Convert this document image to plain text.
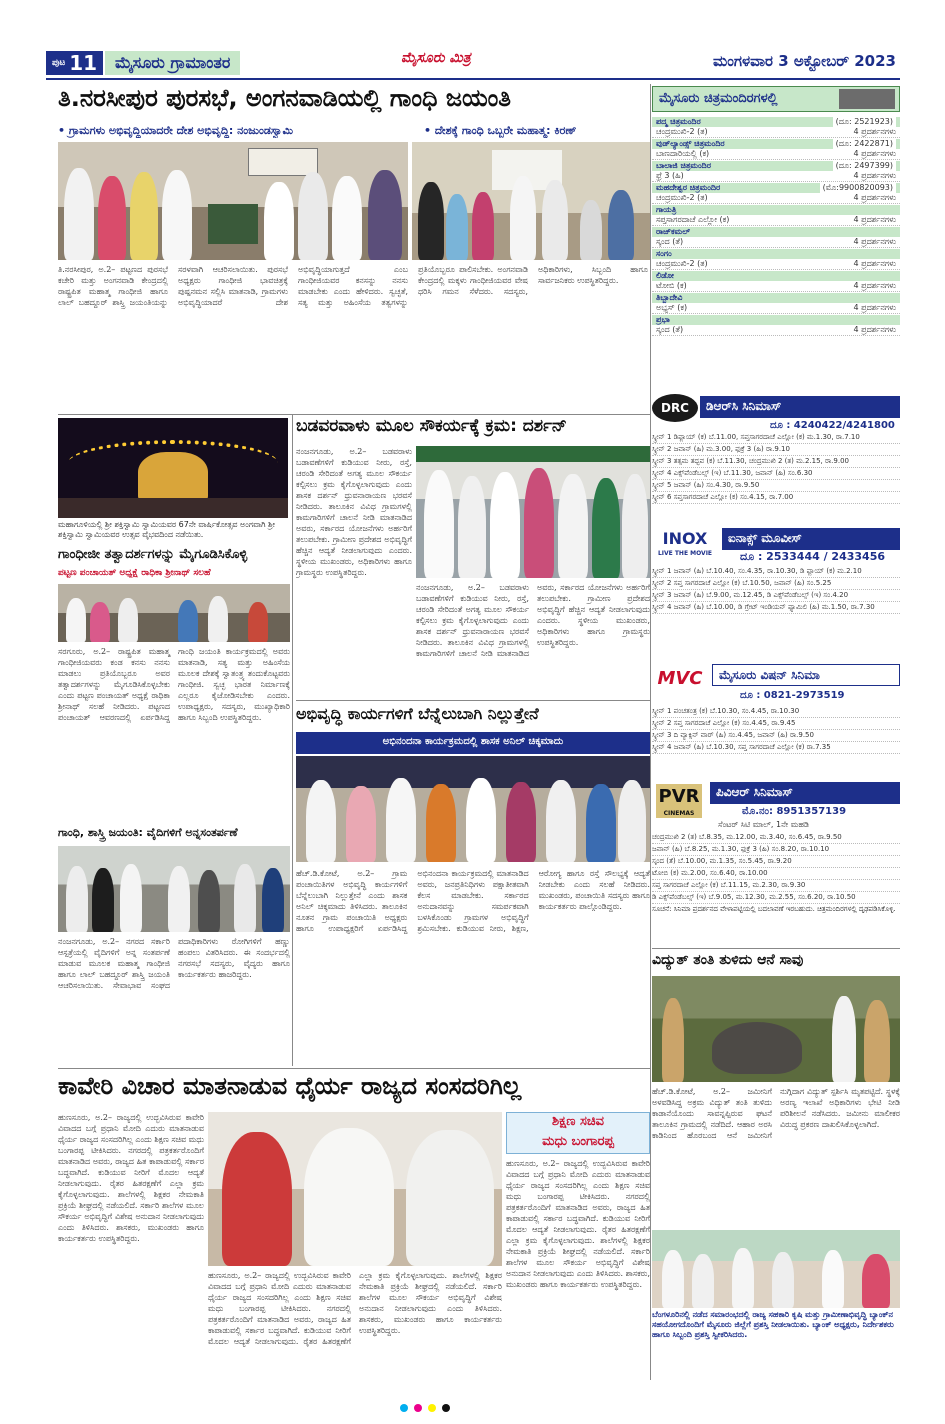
ಪುಟ 11	ಮೈಸೂರು ಗ್ರಾಮಾಂತರ	ಮೈಸೂರು ಮಿತ್ರ	ಮಂಗಳವಾರ 3 ಅಕ್ಟೋಬರ್ 2023
ತಿ.ನರಸೀಪುರ ಪುರಸಭೆ, ಅಂಗನವಾಡಿಯಲ್ಲಿ ಗಾಂಧಿ ಜಯಂತಿ
• ಗ್ರಾಮಗಳು ಅಭಿವೃದ್ಧಿಯಾದರೇ ದೇಶ ಅಭಿವೃದ್ಧಿ: ನಂಜುಂಡಸ್ವಾಮಿ	• ದೇಶಕ್ಕೆ ಗಾಂಧಿ ಒಬ್ಬರೇ ಮಹಾತ್ಮ: ಕಿರಣ್
ತಿ.ನರಸೀಪುರ, ಅ.2– ಪಟ್ಟಣದ ಪುರಸಭೆ ಕಚೇರಿ ಮತ್ತು ಅಂಗನವಾಡಿ ಕೇಂದ್ರದಲ್ಲಿ ರಾಷ್ಟ್ರಪಿತ ಮಹಾತ್ಮ ಗಾಂಧೀಜಿ ಹಾಗೂ ಲಾಲ್ ಬಹದ್ದೂರ್ ಶಾಸ್ತ್ರಿ ಜಯಂತಿಯನ್ನು ಸರಳವಾಗಿ ಆಚರಿಸಲಾಯಿತು. ಪುರಸಭೆ ಅಧ್ಯಕ್ಷರು ಗಾಂಧೀಜಿ ಭಾವಚಿತ್ರಕ್ಕೆ ಪುಷ್ಪನಮನ ಸಲ್ಲಿಸಿ ಮಾತನಾಡಿ, ಗ್ರಾಮಗಳು ಅಭಿವೃದ್ಧಿಯಾದರೆ ದೇಶ ಅಭಿವೃದ್ಧಿಯಾಗುತ್ತದೆ ಎಂಬ ಗಾಂಧೀಜಿಯವರ ಕನಸನ್ನು ನನಸು ಮಾಡಬೇಕು ಎಂದು ಹೇಳಿದರು. ಸ್ವಚ್ಛತೆ, ಸತ್ಯ ಮತ್ತು ಅಹಿಂಸೆಯ ತತ್ವಗಳನ್ನು ಪ್ರತಿಯೊಬ್ಬರೂ ಪಾಲಿಸಬೇಕು. ಅಂಗನವಾಡಿ ಕೇಂದ್ರದಲ್ಲಿ ಮಕ್ಕಳು ಗಾಂಧೀಜಿಯವರ ವೇಷ ಧರಿಸಿ ಗಮನ ಸೆಳೆದರು. ಸದಸ್ಯರು, ಅಧಿಕಾರಿಗಳು, ಸಿಬ್ಬಂದಿ ಹಾಗೂ ಸಾರ್ವಜನಿಕರು ಉಪಸ್ಥಿತರಿದ್ದರು.
ಮಹಾಗೂಳಿಯಲ್ಲಿ ಶ್ರೀ ಶಕ್ತಿಸ್ವಾಮಿ ಸ್ವಾಮಿಯವರ 67ನೇ ವಾರ್ಷಿಕೋತ್ಸವ ಅಂಗವಾಗಿ ಶ್ರೀ ಶಕ್ತಿಸ್ವಾಮಿ ಸ್ವಾಮಿಯವರ ಉತ್ಸವ ವೈಭವದಿಂದ ನಡೆಯಿತು.
ಗಾಂಧೀಜೀ ತತ್ವಾದರ್ಶಗಳನ್ನು ಮೈಗೂಡಿಸಿಕೊಳ್ಳಿ
ಪಟ್ಟಣ ಪಂಚಾಯತ್ ಅಧ್ಯಕ್ಷೆ ರಾಧಿಕಾ ಶ್ರೀನಾಥ್ ಸಲಹೆ
ಸರಗೂರು, ಅ.2– ರಾಷ್ಟ್ರಪಿತ ಮಹಾತ್ಮ ಗಾಂಧೀಜಿಯವರು ಕಂಡ ಕನಸು ನನಸು ಮಾಡಲು ಪ್ರತಿಯೊಬ್ಬರೂ ಅವರ ತತ್ವಾದರ್ಶಗಳನ್ನು ಮೈಗೂಡಿಸಿಕೊಳ್ಳಬೇಕು ಎಂದು ಪಟ್ಟಣ ಪಂಚಾಯತ್ ಅಧ್ಯಕ್ಷೆ ರಾಧಿಕಾ ಶ್ರೀನಾಥ್ ಸಲಹೆ ನೀಡಿದರು. ಪಟ್ಟಣದ ಪಂಚಾಯತ್ ಆವರಣದಲ್ಲಿ ಏರ್ಪಡಿಸಿದ್ದ ಗಾಂಧಿ ಜಯಂತಿ ಕಾರ್ಯಕ್ರಮದಲ್ಲಿ ಅವರು ಮಾತನಾಡಿ, ಸತ್ಯ ಮತ್ತು ಅಹಿಂಸೆಯ ಮೂಲಕ ದೇಶಕ್ಕೆ ಸ್ವಾತಂತ್ರ್ಯ ತಂದುಕೊಟ್ಟವರು ಗಾಂಧೀಜಿ. ಸ್ವಚ್ಛ ಭಾರತ ನಿರ್ಮಾಣಕ್ಕೆ ಎಲ್ಲರೂ ಕೈಜೋಡಿಸಬೇಕು ಎಂದರು. ಉಪಾಧ್ಯಕ್ಷರು, ಸದಸ್ಯರು, ಮುಖ್ಯಾಧಿಕಾರಿ ಹಾಗೂ ಸಿಬ್ಬಂದಿ ಉಪಸ್ಥಿತರಿದ್ದರು.
ಗಾಂಧಿ, ಶಾಸ್ತ್ರಿ ಜಯಂತಿ: ವೈದಿಗಳಿಗೆ ಅನ್ನಸಂತರ್ಪಣೆ
ನಂಜನಗೂಡು, ಅ.2– ನಗರದ ಸರ್ಕಾರಿ ಆಸ್ಪತ್ರೆಯಲ್ಲಿ ವೈದಿಗಳಿಗೆ ಅನ್ನ ಸಂತರ್ಪಣೆ ಮಾಡುವ ಮೂಲಕ ಮಹಾತ್ಮ ಗಾಂಧೀಜಿ ಹಾಗೂ ಲಾಲ್ ಬಹದ್ದೂರ್ ಶಾಸ್ತ್ರಿ ಜಯಂತಿ ಆಚರಿಸಲಾಯಿತು. ಸೇವಾಭಾವ ಸಂಘದ ಪದಾಧಿಕಾರಿಗಳು ರೋಗಿಗಳಿಗೆ ಹಣ್ಣು ಹಂಪಲು ವಿತರಿಸಿದರು. ಈ ಸಂದರ್ಭದಲ್ಲಿ ನಗರಸಭೆ ಸದಸ್ಯರು, ವೈದ್ಯರು ಹಾಗೂ ಕಾರ್ಯಕರ್ತರು ಹಾಜರಿದ್ದರು.
ಬಡವರವಾಳು ಮೂಲ ಸೌಕರ್ಯಕ್ಕೆ ಕ್ರಮ: ದರ್ಶನ್
ನಂಜನಗೂಡು, ಅ.2– ಬಡವರಾಳು ಬಡಾವಣೆಗಳಿಗೆ ಕುಡಿಯುವ ನೀರು, ರಸ್ತೆ, ಚರಂಡಿ ಸೇರಿದಂತೆ ಅಗತ್ಯ ಮೂಲ ಸೌಕರ್ಯ ಕಲ್ಪಿಸಲು ಕ್ರಮ ಕೈಗೊಳ್ಳಲಾಗುವುದು ಎಂದು ಶಾಸಕ ದರ್ಶನ್ ಧ್ರುವನಾರಾಯಣ ಭರವಸೆ ನೀಡಿದರು. ತಾಲೂಕಿನ ವಿವಿಧ ಗ್ರಾಮಗಳಲ್ಲಿ ಕಾಮಗಾರಿಗಳಿಗೆ ಚಾಲನೆ ನೀಡಿ ಮಾತನಾಡಿದ ಅವರು, ಸರ್ಕಾರದ ಯೋಜನೆಗಳು ಅರ್ಹರಿಗೆ ತಲುಪಬೇಕು. ಗ್ರಾಮೀಣ ಪ್ರದೇಶದ ಅಭಿವೃದ್ಧಿಗೆ ಹೆಚ್ಚಿನ ಆದ್ಯತೆ ನೀಡಲಾಗುವುದು ಎಂದರು. ಸ್ಥಳೀಯ ಮುಖಂಡರು, ಅಧಿಕಾರಿಗಳು ಹಾಗೂ ಗ್ರಾಮಸ್ಥರು ಉಪಸ್ಥಿತರಿದ್ದರು.
ನಂಜನಗೂಡು, ಅ.2– ಬಡವರಾಳು ಬಡಾವಣೆಗಳಿಗೆ ಕುಡಿಯುವ ನೀರು, ರಸ್ತೆ, ಚರಂಡಿ ಸೇರಿದಂತೆ ಅಗತ್ಯ ಮೂಲ ಸೌಕರ್ಯ ಕಲ್ಪಿಸಲು ಕ್ರಮ ಕೈಗೊಳ್ಳಲಾಗುವುದು ಎಂದು ಶಾಸಕ ದರ್ಶನ್ ಧ್ರುವನಾರಾಯಣ ಭರವಸೆ ನೀಡಿದರು. ತಾಲೂಕಿನ ವಿವಿಧ ಗ್ರಾಮಗಳಲ್ಲಿ ಕಾಮಗಾರಿಗಳಿಗೆ ಚಾಲನೆ ನೀಡಿ ಮಾತನಾಡಿದ ಅವರು, ಸರ್ಕಾರದ ಯೋಜನೆಗಳು ಅರ್ಹರಿಗೆ ತಲುಪಬೇಕು. ಗ್ರಾಮೀಣ ಪ್ರದೇಶದ ಅಭಿವೃದ್ಧಿಗೆ ಹೆಚ್ಚಿನ ಆದ್ಯತೆ ನೀಡಲಾಗುವುದು ಎಂದರು. ಸ್ಥಳೀಯ ಮುಖಂಡರು, ಅಧಿಕಾರಿಗಳು ಹಾಗೂ ಗ್ರಾಮಸ್ಥರು ಉಪಸ್ಥಿತರಿದ್ದರು.
ಅಭಿವೃದ್ಧಿ ಕಾರ್ಯಗಳಿಗೆ ಬೆನ್ನೆಲುಬಾಗಿ ನಿಲ್ಲುತ್ತೇನೆ
ಅಭಿನಂದನಾ ಕಾರ್ಯಕ್ರಮದಲ್ಲಿ ಶಾಸಕ ಅನಿಲ್ ಚಿಕ್ಕಮಾದು
ಹೆಚ್.ಡಿ.ಕೋಟೆ, ಅ.2– ಗ್ರಾಮ ಪಂಚಾಯಿತಿಗಳ ಅಭಿವೃದ್ಧಿ ಕಾರ್ಯಗಳಿಗೆ ಬೆನ್ನೆಲುಬಾಗಿ ನಿಲ್ಲುತ್ತೇನೆ ಎಂದು ಶಾಸಕ ಅನಿಲ್ ಚಿಕ್ಕಮಾದು ತಿಳಿಸಿದರು. ತಾಲೂಕಿನ ನೂತನ ಗ್ರಾಮ ಪಂಚಾಯಿತಿ ಅಧ್ಯಕ್ಷರು ಹಾಗೂ ಉಪಾಧ್ಯಕ್ಷರಿಗೆ ಏರ್ಪಡಿಸಿದ್ದ ಅಭಿನಂದನಾ ಕಾರ್ಯಕ್ರಮದಲ್ಲಿ ಮಾತನಾಡಿದ ಅವರು, ಜನಪ್ರತಿನಿಧಿಗಳು ಪಕ್ಷಾತೀತವಾಗಿ ಕೆಲಸ ಮಾಡಬೇಕು. ಸರ್ಕಾರದ ಅನುದಾನವನ್ನು ಸಮರ್ಪಕವಾಗಿ ಬಳಸಿಕೊಂಡು ಗ್ರಾಮಗಳ ಅಭಿವೃದ್ಧಿಗೆ ಶ್ರಮಿಸಬೇಕು. ಕುಡಿಯುವ ನೀರು, ಶಿಕ್ಷಣ, ಆರೋಗ್ಯ ಹಾಗೂ ರಸ್ತೆ ಸೌಲಭ್ಯಕ್ಕೆ ಆದ್ಯತೆ ನೀಡಬೇಕು ಎಂದು ಸಲಹೆ ನೀಡಿದರು. ಮುಖಂಡರು, ಪಂಚಾಯಿತಿ ಸದಸ್ಯರು ಹಾಗೂ ಕಾರ್ಯಕರ್ತರು ಪಾಲ್ಗೊಂಡಿದ್ದರು.
ಮೈಸೂರು ಚಿತ್ರಮಂದಿರಗಳಲ್ಲಿ
ಪದ್ಮ ಚಿತ್ರಮಂದಿರ	(ದೂ: 2521923)
ಚಂದ್ರಮುಖಿ-2 (ತ)	4 ಪ್ರದರ್ಶನಗಳು
ವುಡ್‌ಲ್ಯಾಂಡ್ಸ್ ಚಿತ್ರಮಂದಿರ	(ದೂ: 2422871)
ಬಾಣದಾರಿಯಲ್ಲಿ (ಕ)	4 ಪ್ರದರ್ಶನಗಳು
ಬಾಲಾಜಿ ಚಿತ್ರಮಂದಿರ	(ದೂ: 2497399)
ಫ್ರೆ 3 (ಹಿ)	4 ಪ್ರದರ್ಶನಗಳು
ಮಹದೇಶ್ವರ ಚಿತ್ರಮಂದಿರ	(ಮೊ:9900820093)
ಚಂದ್ರಮುಖಿ-2 (ತ)	4 ಪ್ರದರ್ಶನಗಳು
ಗಾಯತ್ರಿ
ಸಪ್ತಸಾಗರದಾಚೆ ಎಲ್ಲೋ (ಕ)	4 ಪ್ರದರ್ಶನಗಳು
ರಾಜ್‌ಕಮಲ್
ಸ್ಕಂದ (ತೆ)	4 ಪ್ರದರ್ಶನಗಳು
ಸಂಗಂ
ಚಂದ್ರಮುಖಿ-2 (ತ)	4 ಪ್ರದರ್ಶನಗಳು
ಲಿಡೋ
ಟೋಬಿ (ಕ)	4 ಪ್ರದರ್ಶನಗಳು
ತಿಬ್ಬಾದೇವಿ
ಅಭ್ಯಸ್ (ಕ)	4 ಪ್ರದರ್ಶನಗಳು
ಪ್ರಭಾ
ಸ್ಕಂದ (ತೆ)	4 ಪ್ರದರ್ಶನಗಳು
DRC	ಡಿಆರ್‌ಸಿ ಸಿನಿಮಾಸ್
ದೂ : 4240422/4241800
ಸ್ಕ್ರೀನ್ 1 ಡಿಫ್ಲಾಯ್ (ಕ) ಬೆ.11.00, ಸಪ್ತಸಾಗರದಾಚೆ ಎಲ್ಲೋ (ಕ) ಮ.1.30, ರಾ.7.10
ಸ್ಕ್ರೀನ್ 2 ಜವಾನ್ (ಹಿ) ಮ.3.00, ಫುಕ್ರೆ 3 (ಹಿ) ರಾ.9.10
ಸ್ಕ್ರೀನ್ 3 ತತ್ಸಮ ತದ್ಭವ (ಕ) ಬೆ.11.30, ಚಂದ್ರಮುಖಿ 2 (ತ) ಮ.2.15, ರಾ.9.00
ಸ್ಕ್ರೀನ್ 4 ಎಕ್ಸ್‌ಪೆಂಡೆಬಲ್ಸ್ (ಇ) ಬೆ.11.30, ಜವಾನ್ (ಹಿ) ಸಂ.6.30
ಸ್ಕ್ರೀನ್ 5 ಜವಾನ್ (ಹಿ) ಸಂ.4.30, ರಾ.9.50
ಸ್ಕ್ರೀನ್ 6 ಸಪ್ತಸಾಗರದಾಚೆ ಎಲ್ಲೋ (ಕ) ಸಂ.4.15, ರಾ.7.00
INOX
LIVE THE MOVIE
ಐನಾಕ್ಸ್ ಮೂವೀಸ್
ದೂ : 2533444 / 2433456
ಸ್ಕ್ರೀನ್ 1 ಜವಾನ್ (ಹಿ) ಬೆ.10.40, ಸಂ.4.35, ರಾ.10.30, ಡಿ ಫ್ಲಾಯ್ (ಕ) ಮ.2.10
ಸ್ಕ್ರೀನ್ 2 ಸಪ್ತ ಸಾಗರದಾಚೆ ಎಲ್ಲೋ (ಕ) ಬೆ.10.50, ಜವಾನ್ (ಹಿ) ಸಂ.5.25
ಸ್ಕ್ರೀನ್ 3 ಜವಾನ್ (ಹಿ) ಬೆ.9.00, ಮ.12.45, ಡಿ ಎಕ್ಸ್‌ಪೆಂಡೆಬಲ್ಸ್ (ಇ) ಸಂ.4.20
ಸ್ಕ್ರೀನ್ 4 ಜವಾನ್ (ಹಿ) ಬೆ.10.00, ಡಿ ಗ್ರೇಟ್ ಇಂಡಿಯನ್ ಫ್ಯಾಮಿಲಿ (ಹಿ) ಮ.1.50, ರಾ.7.30
MVC	ಮೈಸೂರು ವಿಷನ್ ಸಿನಿಮಾ
ದೂ : 0821-2973519
ಸ್ಕ್ರೀನ್ 1 ಪಂಚತಂತ್ರ (ಕ) ಬೆ.10.30, ಸಂ.4.45, ರಾ.10.30
ಸ್ಕ್ರೀನ್ 2 ಸಪ್ತ ಸಾಗರದಾಚೆ ಎಲ್ಲೋ (ಕ) ಸಂ.4.45, ರಾ.9.45
ಸ್ಕ್ರೀನ್ 3 ದಿ ವ್ಯಾಕ್ಸಿನ್ ವಾರ್ (ಹಿ) ಸಂ.4.45, ಜವಾನ್ (ಹಿ) ರಾ.9.50
ಸ್ಕ್ರೀನ್ 4 ಜವಾನ್ (ಹಿ) ಬೆ.10.30, ಸಪ್ತ ಸಾಗರದಾಚೆ ಎಲ್ಲೋ (ಕ) ರಾ.7.35
PVR
CINEMAS
ಪಿವಿಆರ್ ಸಿನಿಮಾಸ್
ಮೊ.ನಂ: 8951357139
ಸೆಂಟರ್ ಸಿಟಿ ಮಾಲ್, 1ನೇ ಮಹಡಿ
ಚಂದ್ರಮುಖಿ 2 (ತ) ಬೆ.8.35, ಮ.12.00, ಮ.3.40, ಸಂ.6.45, ರಾ.9.50
ಜವಾನ್ (ಹಿ) ಬೆ.8.25, ಮ.1.30, ಫುಕ್ರೆ 3 (ಹಿ) ಸಂ.8.20, ರಾ.10.10
ಸ್ಕಂದ (ತೆ) ಬೆ.10.00, ಮ.1.35, ಸಂ.5.45, ರಾ.9.20
ಟೋಬಿ (ಕ) ಮ.2.00, ಸಂ.6.40, ರಾ.10.00
ಸಪ್ತ ಸಾಗರದಾಚೆ ಎಲ್ಲೋ (ಕ) ಬೆ.11.15, ಮ.2.30, ರಾ.9.30
ಡಿ ಎಕ್ಸ್‌ಪೆಂಡೆಬಲ್ಸ್ (ಇ) ಬೆ.9.05, ಮ.12.30, ಮ.2.55, ಸಂ.6.20, ರಾ.10.50
ಸೂಚನೆ: ಸಿನಿಮಾ ಪ್ರದರ್ಶನದ ವೇಳಾಪಟ್ಟಿಯಲ್ಲಿ ಬದಲಾವಣೆ ಇರಬಹುದು. ಚಿತ್ರಮಂದಿರಗಳಲ್ಲಿ ದೃಢಪಡಿಸಿಕೊಳ್ಳಿ.
ವಿದ್ಯುತ್ ತಂತಿ ತುಳಿದು ಆನೆ ಸಾವು
ಹೆಚ್.ಡಿ.ಕೋಟೆ, ಅ.2– ಜಮೀನಿಗೆ ಅಳವಡಿಸಿದ್ದ ಅಕ್ರಮ ವಿದ್ಯುತ್ ತಂತಿ ತುಳಿದು ಕಾಡಾನೆಯೊಂದು ಸಾವನ್ನಪ್ಪಿರುವ ಘಟನೆ ತಾಲೂಕಿನ ಗ್ರಾಮದಲ್ಲಿ ನಡೆದಿದೆ. ಆಹಾರ ಅರಸಿ ಕಾಡಿನಿಂದ ಹೊರಬಂದ ಆನೆ ಜಮೀನಿಗೆ ನುಗ್ಗಿದಾಗ ವಿದ್ಯುತ್ ಸ್ಪರ್ಶಿಸಿ ಮೃತಪಟ್ಟಿದೆ. ಸ್ಥಳಕ್ಕೆ ಅರಣ್ಯ ಇಲಾಖೆ ಅಧಿಕಾರಿಗಳು ಭೇಟಿ ನೀಡಿ ಪರಿಶೀಲನೆ ನಡೆಸಿದರು. ಜಮೀನು ಮಾಲೀಕರ ವಿರುದ್ಧ ಪ್ರಕರಣ ದಾಖಲಿಸಿಕೊಳ್ಳಲಾಗಿದೆ.
ಬೆಂಗಳೂರಿನಲ್ಲಿ ನಡೆದ ಸಮಾರಂಭದಲ್ಲಿ ರಾಜ್ಯ ಸಹಕಾರಿ ಕೃಷಿ ಮತ್ತು ಗ್ರಾಮೀಣಾಭಿವೃದ್ಧಿ ಬ್ಯಾಂಕ್‌ನ ಸಹಯೋಗದೊಂದಿಗೆ ಮೈಸೂರು ಜಿಲ್ಲೆಗೆ ಪ್ರಶಸ್ತಿ ನೀಡಲಾಯಿತು. ಬ್ಯಾಂಕ್ ಅಧ್ಯಕ್ಷರು, ನಿರ್ದೇಶಕರು ಹಾಗೂ ಸಿಬ್ಬಂದಿ ಪ್ರಶಸ್ತಿ ಸ್ವೀಕರಿಸಿದರು.
ಕಾವೇರಿ ವಿಚಾರ ಮಾತನಾಡುವ ಧೈರ್ಯ ರಾಜ್ಯದ ಸಂಸದರಿಗಿಲ್ಲ
ಹುಣಸೂರು, ಅ.2– ರಾಜ್ಯದಲ್ಲಿ ಉದ್ಭವಿಸಿರುವ ಕಾವೇರಿ ವಿವಾದದ ಬಗ್ಗೆ ಪ್ರಧಾನಿ ಮೋದಿ ಎದುರು ಮಾತನಾಡುವ ಧೈರ್ಯ ರಾಜ್ಯದ ಸಂಸದರಿಗಿಲ್ಲ ಎಂದು ಶಿಕ್ಷಣ ಸಚಿವ ಮಧು ಬಂಗಾರಪ್ಪ ಟೀಕಿಸಿದರು. ನಗರದಲ್ಲಿ ಪತ್ರಕರ್ತರೊಂದಿಗೆ ಮಾತನಾಡಿದ ಅವರು, ರಾಜ್ಯದ ಹಿತ ಕಾಪಾಡುವಲ್ಲಿ ಸರ್ಕಾರ ಬದ್ಧವಾಗಿದೆ. ಕುಡಿಯುವ ನೀರಿಗೆ ಮೊದಲ ಆದ್ಯತೆ ನೀಡಲಾಗುವುದು. ರೈತರ ಹಿತರಕ್ಷಣೆಗೆ ಎಲ್ಲಾ ಕ್ರಮ ಕೈಗೊಳ್ಳಲಾಗುವುದು. ಶಾಲೆಗಳಲ್ಲಿ ಶಿಕ್ಷಕರ ನೇಮಕಾತಿ ಪ್ರಕ್ರಿಯೆ ಶೀಘ್ರದಲ್ಲಿ ನಡೆಯಲಿದೆ. ಸರ್ಕಾರಿ ಶಾಲೆಗಳ ಮೂಲ ಸೌಕರ್ಯ ಅಭಿವೃದ್ಧಿಗೆ ವಿಶೇಷ ಅನುದಾನ ನೀಡಲಾಗುವುದು ಎಂದು ತಿಳಿಸಿದರು. ಶಾಸಕರು, ಮುಖಂಡರು ಹಾಗೂ ಕಾರ್ಯಕರ್ತರು ಉಪಸ್ಥಿತರಿದ್ದರು.
ಶಿಕ್ಷಣ ಸಚಿವ
ಮಧು ಬಂಗಾರಪ್ಪ
ಹುಣಸೂರು, ಅ.2– ರಾಜ್ಯದಲ್ಲಿ ಉದ್ಭವಿಸಿರುವ ಕಾವೇರಿ ವಿವಾದದ ಬಗ್ಗೆ ಪ್ರಧಾನಿ ಮೋದಿ ಎದುರು ಮಾತನಾಡುವ ಧೈರ್ಯ ರಾಜ್ಯದ ಸಂಸದರಿಗಿಲ್ಲ ಎಂದು ಶಿಕ್ಷಣ ಸಚಿವ ಮಧು ಬಂಗಾರಪ್ಪ ಟೀಕಿಸಿದರು. ನಗರದಲ್ಲಿ ಪತ್ರಕರ್ತರೊಂದಿಗೆ ಮಾತನಾಡಿದ ಅವರು, ರಾಜ್ಯದ ಹಿತ ಕಾಪಾಡುವಲ್ಲಿ ಸರ್ಕಾರ ಬದ್ಧವಾಗಿದೆ. ಕುಡಿಯುವ ನೀರಿಗೆ ಮೊದಲ ಆದ್ಯತೆ ನೀಡಲಾಗುವುದು. ರೈತರ ಹಿತರಕ್ಷಣೆಗೆ ಎಲ್ಲಾ ಕ್ರಮ ಕೈಗೊಳ್ಳಲಾಗುವುದು. ಶಾಲೆಗಳಲ್ಲಿ ಶಿಕ್ಷಕರ ನೇಮಕಾತಿ ಪ್ರಕ್ರಿಯೆ ಶೀಘ್ರದಲ್ಲಿ ನಡೆಯಲಿದೆ. ಸರ್ಕಾರಿ ಶಾಲೆಗಳ ಮೂಲ ಸೌಕರ್ಯ ಅಭಿವೃದ್ಧಿಗೆ ವಿಶೇಷ ಅನುದಾನ ನೀಡಲಾಗುವುದು ಎಂದು ತಿಳಿಸಿದರು. ಶಾಸಕರು, ಮುಖಂಡರು ಹಾಗೂ ಕಾರ್ಯಕರ್ತರು ಉಪಸ್ಥಿತರಿದ್ದರು.
ಹುಣಸೂರು, ಅ.2– ರಾಜ್ಯದಲ್ಲಿ ಉದ್ಭವಿಸಿರುವ ಕಾವೇರಿ ವಿವಾದದ ಬಗ್ಗೆ ಪ್ರಧಾನಿ ಮೋದಿ ಎದುರು ಮಾತನಾಡುವ ಧೈರ್ಯ ರಾಜ್ಯದ ಸಂಸದರಿಗಿಲ್ಲ ಎಂದು ಶಿಕ್ಷಣ ಸಚಿವ ಮಧು ಬಂಗಾರಪ್ಪ ಟೀಕಿಸಿದರು. ನಗರದಲ್ಲಿ ಪತ್ರಕರ್ತರೊಂದಿಗೆ ಮಾತನಾಡಿದ ಅವರು, ರಾಜ್ಯದ ಹಿತ ಕಾಪಾಡುವಲ್ಲಿ ಸರ್ಕಾರ ಬದ್ಧವಾಗಿದೆ. ಕುಡಿಯುವ ನೀರಿಗೆ ಮೊದಲ ಆದ್ಯತೆ ನೀಡಲಾಗುವುದು. ರೈತರ ಹಿತರಕ್ಷಣೆಗೆ ಎಲ್ಲಾ ಕ್ರಮ ಕೈಗೊಳ್ಳಲಾಗುವುದು. ಶಾಲೆಗಳಲ್ಲಿ ಶಿಕ್ಷಕರ ನೇಮಕಾತಿ ಪ್ರಕ್ರಿಯೆ ಶೀಘ್ರದಲ್ಲಿ ನಡೆಯಲಿದೆ. ಸರ್ಕಾರಿ ಶಾಲೆಗಳ ಮೂಲ ಸೌಕರ್ಯ ಅಭಿವೃದ್ಧಿಗೆ ವಿಶೇಷ ಅನುದಾನ ನೀಡಲಾಗುವುದು ಎಂದು ತಿಳಿಸಿದರು. ಶಾಸಕರು, ಮುಖಂಡರು ಹಾಗೂ ಕಾರ್ಯಕರ್ತರು ಉಪಸ್ಥಿತರಿದ್ದರು.
